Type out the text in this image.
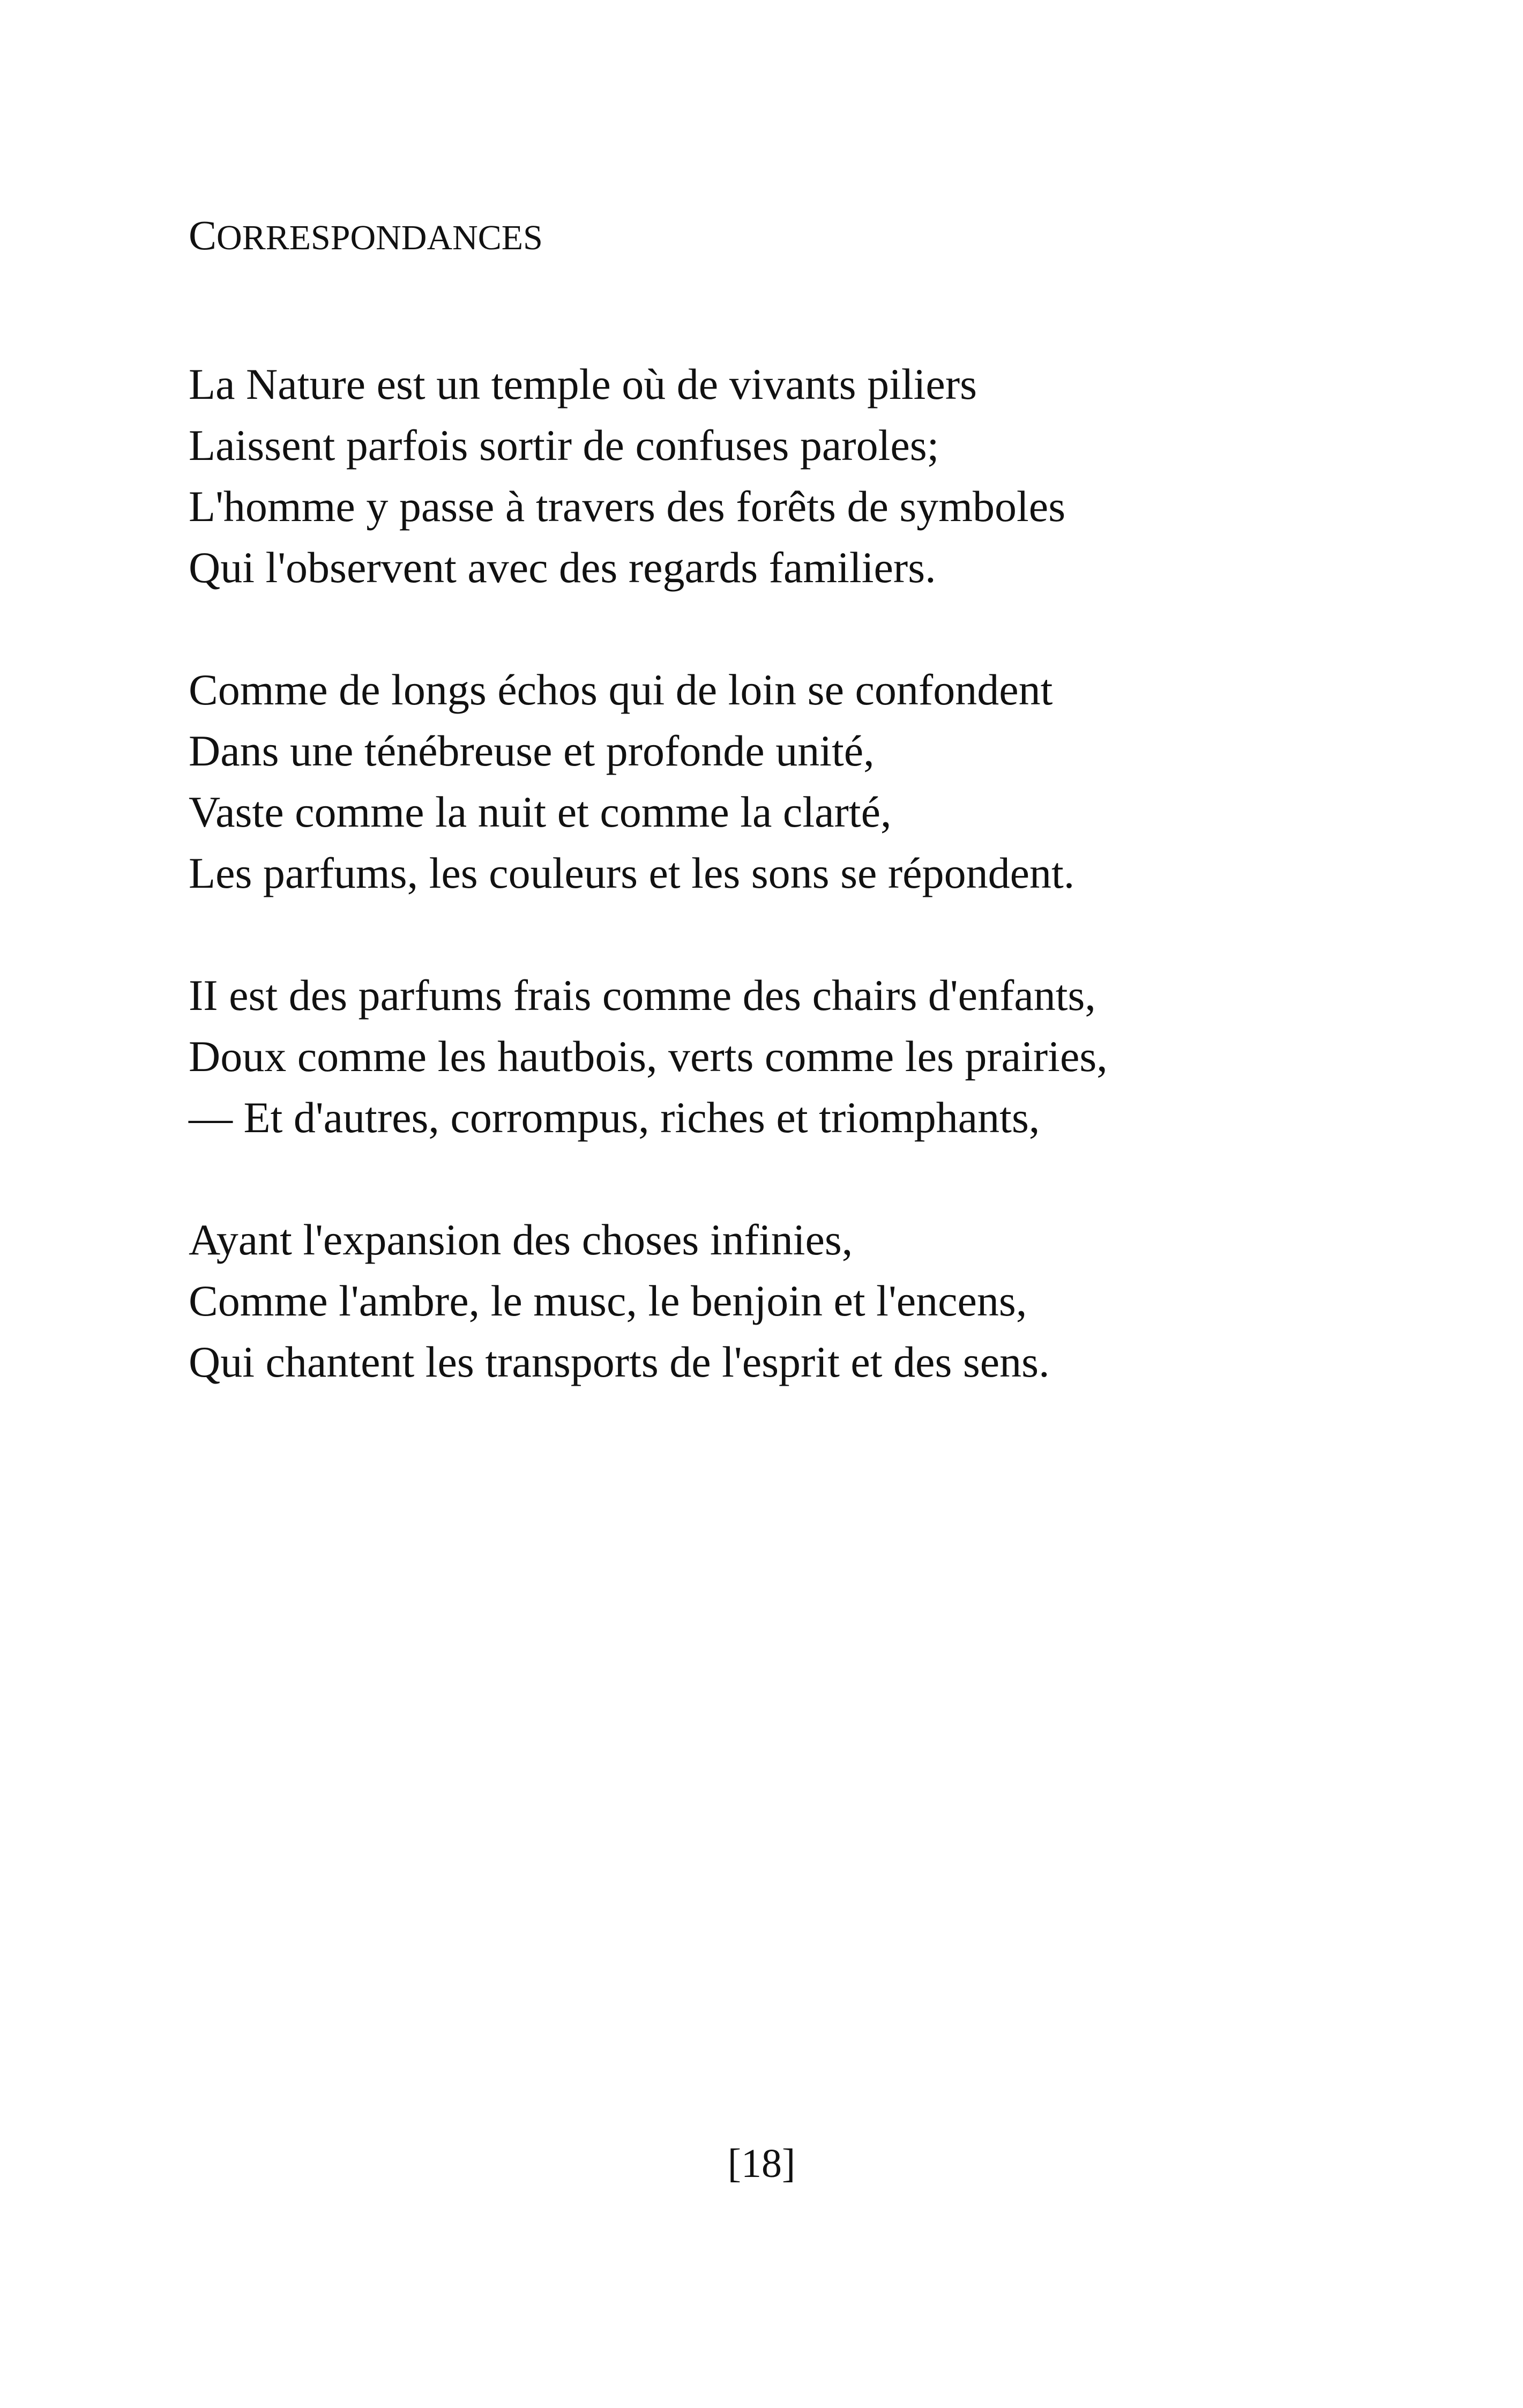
CORRESPONDANCES
La Nature est un temple où de vivants piliers
Laissent parfois sortir de confuses paroles;
L'homme y passe à travers des forêts de symboles
Qui l'observent avec des regards familiers.
Comme de longs échos qui de loin se confondent
Dans une ténébreuse et profonde unité,
Vaste comme la nuit et comme la clarté,
Les parfums, les couleurs et les sons se répondent.
II est des parfums frais comme des chairs d'enfants,
Doux comme les hautbois, verts comme les prairies,
— Et d'autres, corrompus, riches et triomphants,
Ayant l'expansion des choses infinies,
Comme l'ambre, le musc, le benjoin et l'encens,
Qui chantent les transports de l'esprit et des sens.
[18]
